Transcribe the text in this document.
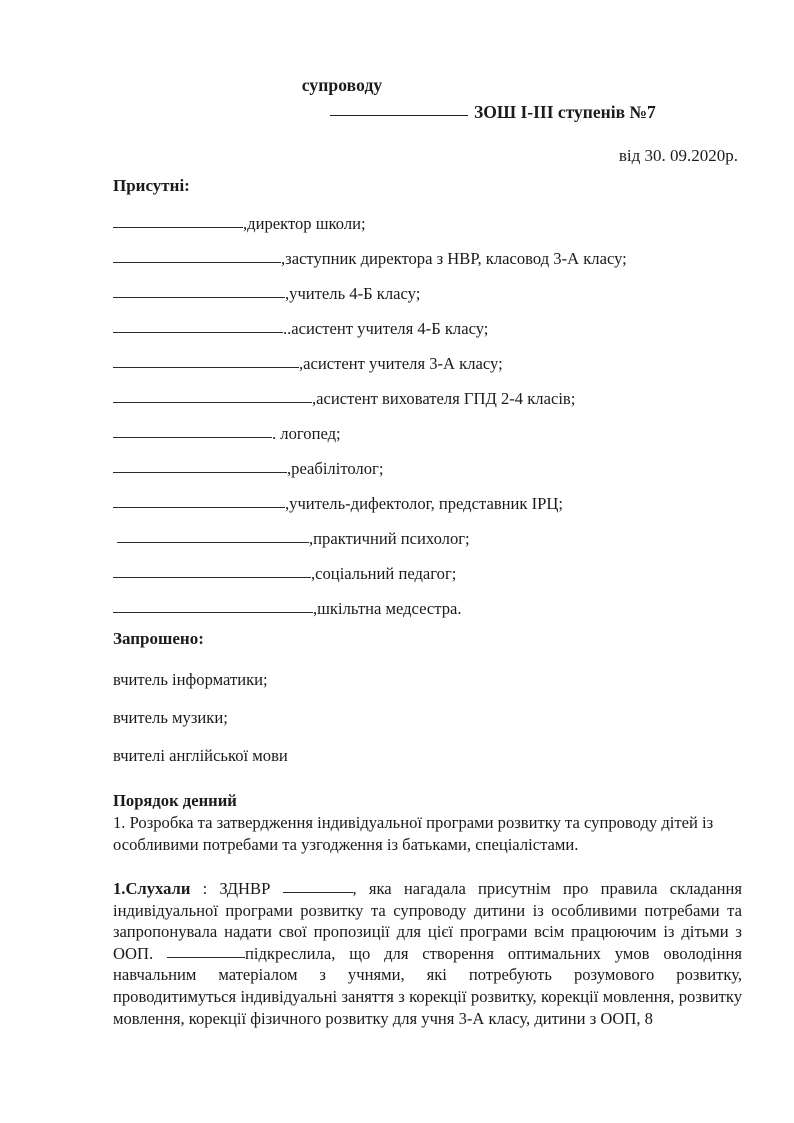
супроводу
ЗОШ I-III ступенів №7
від 30. 09.2020р.
Присутні:
,директор школи;
,заступник директора з НВР, класовод 3-А класу;
,учитель 4-Б класу;
..асистент учителя 4-Б класу;
,асистент учителя 3-А класу;
,асистент вихователя ГПД 2-4 класів;
. логопед;
,реабілітолог;
,учитель-дифектолог, представник ІРЦ;
,практичний психолог;
,соціальний педагог;
,шкільтна медсестра.
Запрошено:
вчитель інформатики;
вчитель музики;
вчителі англійської мови
Порядок денний
1. Розробка та затвердження індивідуальної програми розвитку та супроводу дітей із особливими потребами та узгодження із батьками, спеціалістами.

1.Слухали : ЗДНВР	, яка нагадала присутнім про правила складання індивідуальної програми розвитку та супроводу дитини із особливими потребами та запропонувала надати свої пропозиції для цієї програми всім працюючим із дітьми з ООП.	підкреслила, що для створення оптимальних умов оволодіння навчальним матеріалом з учнями, які потребують розумового розвитку, проводитимуться індивідуальні заняття з корекції розвитку, корекції мовлення, розвитку мовлення, корекції фізичного розвитку для учня 3-А класу, дитини з ООП, 8
